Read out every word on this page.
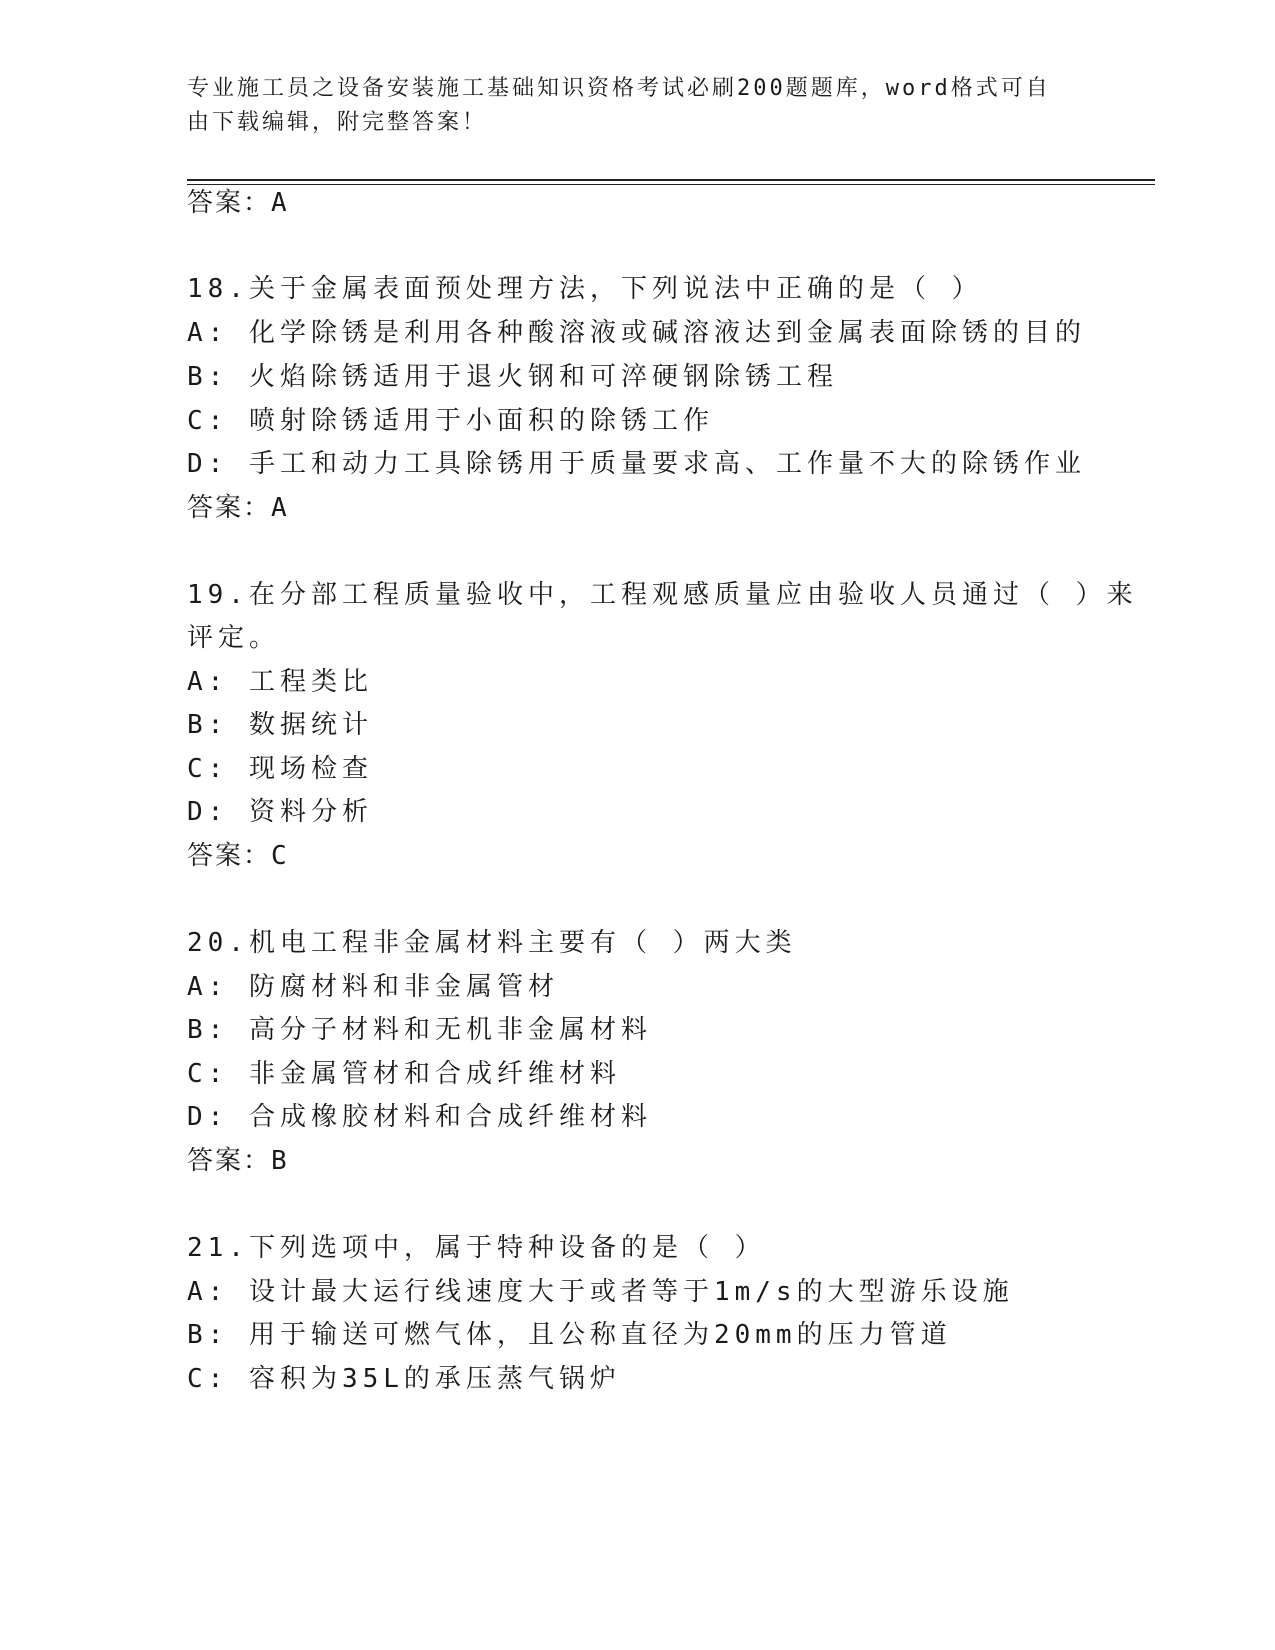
专业施工员之设备安装施工基础知识资格考试必刷200题题库，word格式可自由下载编辑，附完整答案！
答案：A
18.关于金属表面预处理方法，下列说法中正确的是（ ）
A: 化学除锈是利用各种酸溶液或碱溶液达到金属表面除锈的目的
B: 火焰除锈适用于退火钢和可淬硬钢除锈工程
C: 喷射除锈适用于小面积的除锈工作
D: 手工和动力工具除锈用于质量要求高、工作量不大的除锈作业
答案：A
19.在分部工程质量验收中，工程观感质量应由验收人员通过（ ）来
评定。
A: 工程类比
B: 数据统计
C: 现场检查
D: 资料分析
答案：C
20.机电工程非金属材料主要有（ ）两大类
A: 防腐材料和非金属管材
B: 高分子材料和无机非金属材料
C: 非金属管材和合成纤维材料
D: 合成橡胶材料和合成纤维材料
答案：B
21.下列选项中，属于特种设备的是（ ）
A: 设计最大运行线速度大于或者等于1m/s的大型游乐设施
B: 用于输送可燃气体，且公称直径为20mm的压力管道
C: 容积为35L的承压蒸气锅炉
